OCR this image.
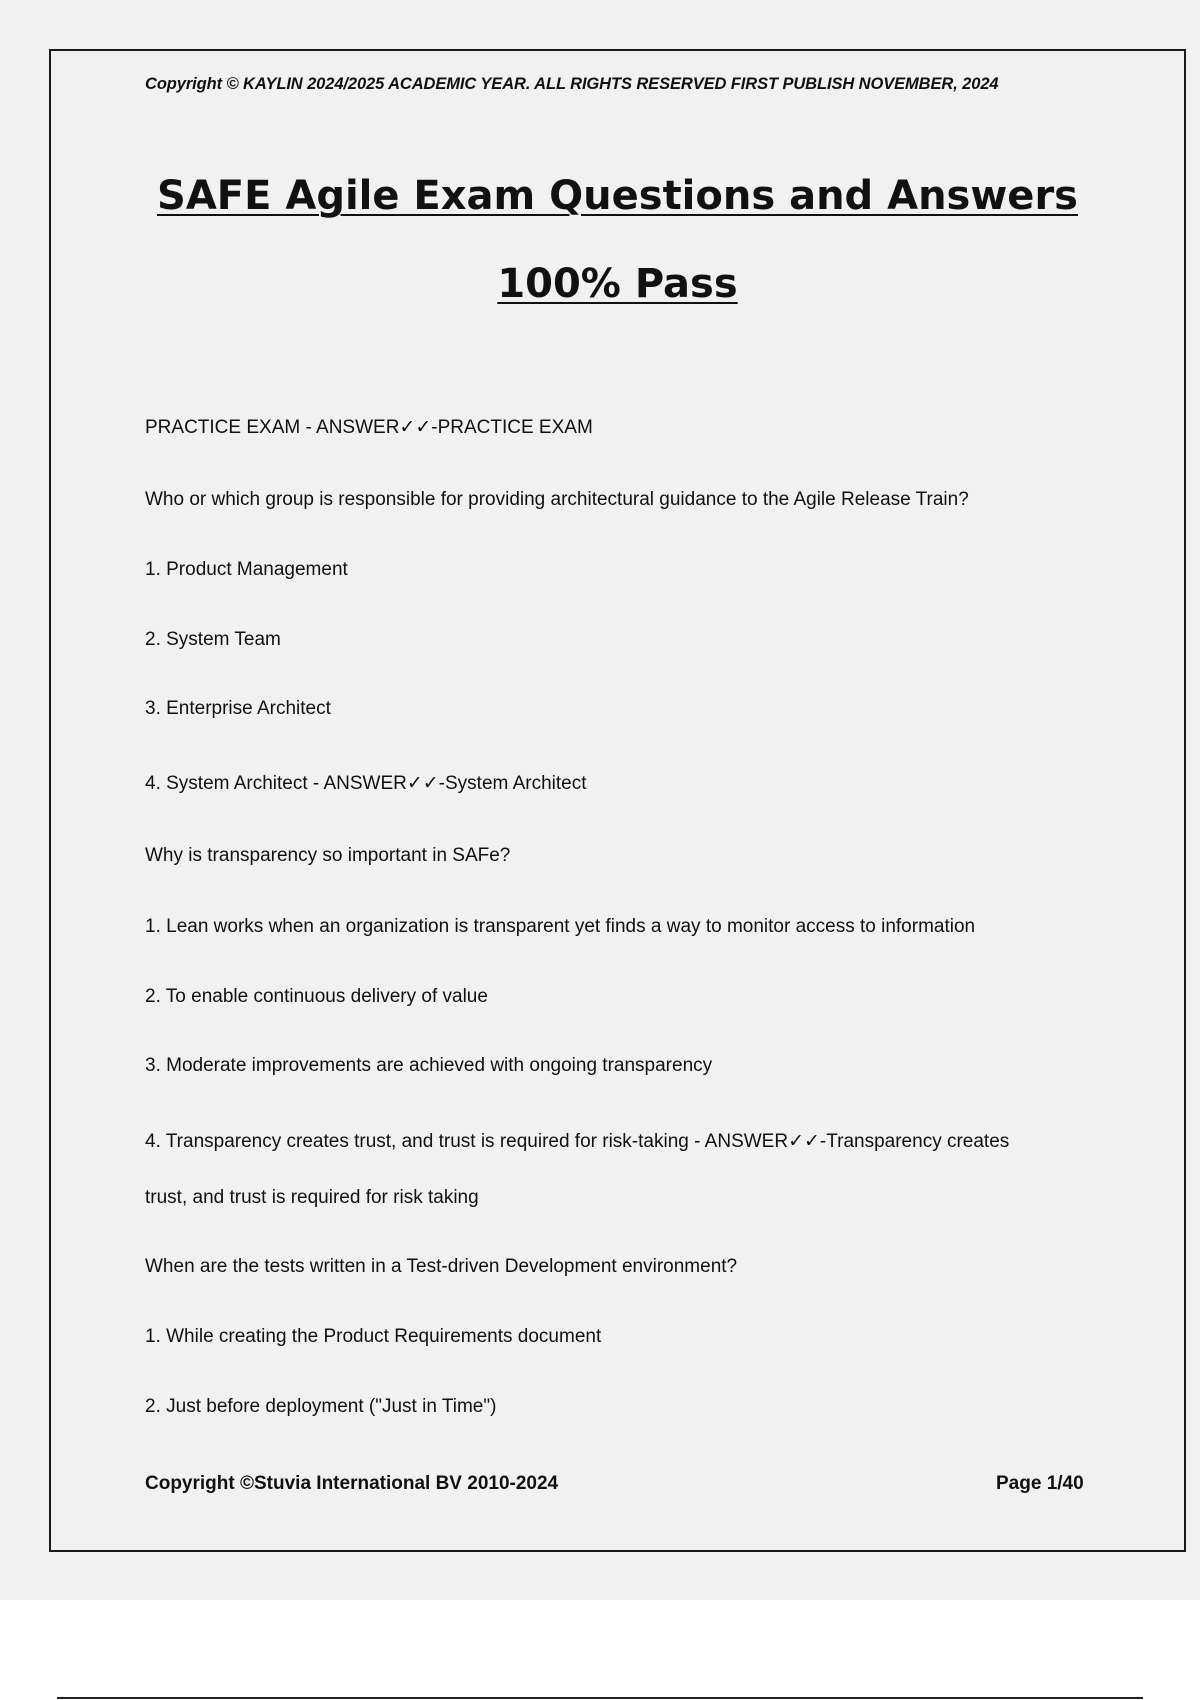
Copyright © KAYLIN 2024/2025 ACADEMIC YEAR. ALL RIGHTS RESERVED FIRST PUBLISH NOVEMBER, 2024
SAFE Agile Exam Questions and Answers
100% Pass
PRACTICE EXAM - ANSWER✓✓-PRACTICE EXAM
Who or which group is responsible for providing architectural guidance to the Agile Release Train?
1. Product Management
2. System Team
3. Enterprise Architect
4. System Architect - ANSWER✓✓-System Architect
Why is transparency so important in SAFe?
1. Lean works when an organization is transparent yet finds a way to monitor access to information
2. To enable continuous delivery of value
3. Moderate improvements are achieved with ongoing transparency
4. Transparency creates trust, and trust is required for risk-taking - ANSWER✓✓-Transparency creates
trust, and trust is required for risk taking
When are the tests written in a Test-driven Development environment?
1. While creating the Product Requirements document
2. Just before deployment ("Just in Time")
Copyright ©Stuvia International BV 2010-2024	Page 1/40
